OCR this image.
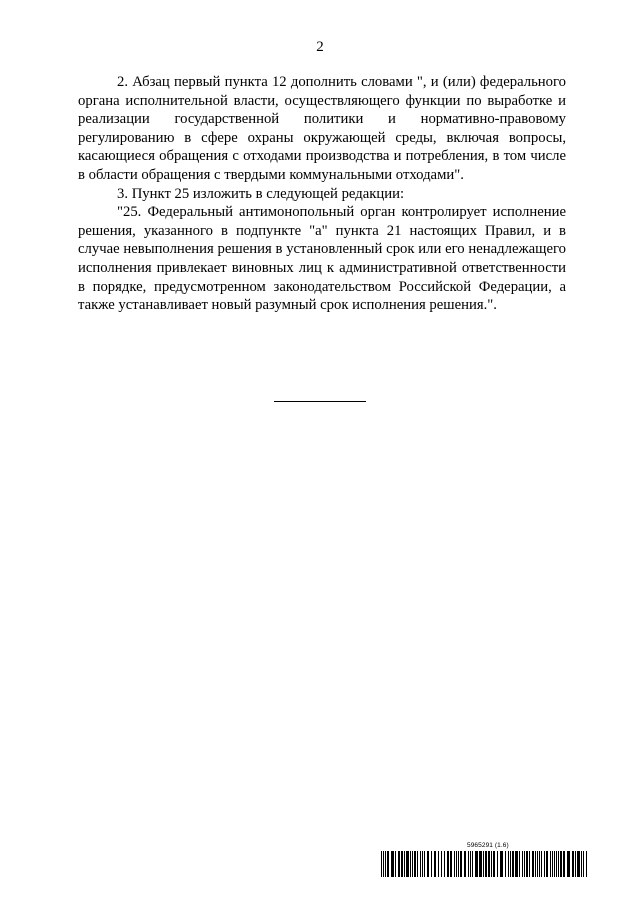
2

2. Абзац первый пункта 12 дополнить словами ", и (или) федерального органа исполнительной власти, осуществляющего функции по выработке и реализации государственной политики и нормативно-правовому регулированию в сфере охраны окружающей среды, включая вопросы, касающиеся обращения с отходами производства и потребления, в том числе в области обращения с твердыми коммунальными отходами".

3. Пункт 25 изложить в следующей редакции:

"25. Федеральный антимонопольный орган контролирует исполнение решения, указанного в подпункте "а" пункта 21 настоящих Правил, и в случае невыполнения решения в установленный срок или его ненадлежащего исполнения привлекает виновных лиц к административной ответственности в порядке, предусмотренном законодательством Российской Федерации, а также устанавливает новый разумный срок исполнения решения.".

5965291 (1.6)
